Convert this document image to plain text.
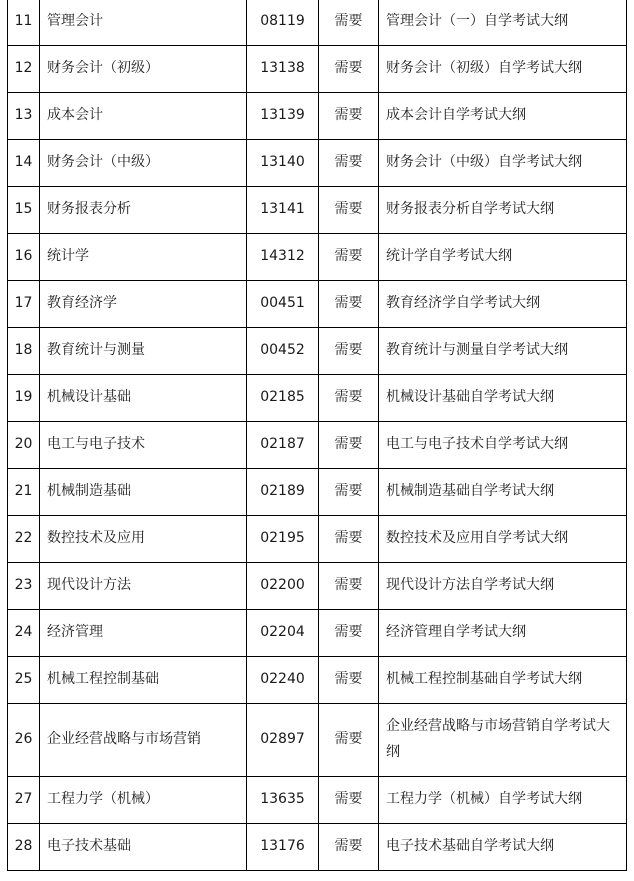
11	管理会计	08119	需要	管理会计（一）自学考试大纲
12	财务会计（初级）	13138	需要	财务会计（初级）自学考试大纲
13	成本会计	13139	需要	成本会计自学考试大纲
14	财务会计（中级）	13140	需要	财务会计（中级）自学考试大纲
15	财务报表分析	13141	需要	财务报表分析自学考试大纲
16	统计学	14312	需要	统计学自学考试大纲
17	教育经济学	00451	需要	教育经济学自学考试大纲
18	教育统计与测量	00452	需要	教育统计与测量自学考试大纲
19	机械设计基础	02185	需要	机械设计基础自学考试大纲
20	电工与电子技术	02187	需要	电工与电子技术自学考试大纲
21	机械制造基础	02189	需要	机械制造基础自学考试大纲
22	数控技术及应用	02195	需要	数控技术及应用自学考试大纲
23	现代设计方法	02200	需要	现代设计方法自学考试大纲
24	经济管理	02204	需要	经济管理自学考试大纲
25	机械工程控制基础	02240	需要	机械工程控制基础自学考试大纲
26	企业经营战略与市场营销	02897	需要	企业经营战略与市场营销自学考试大纲
27	工程力学（机械）	13635	需要	工程力学（机械）自学考试大纲
28	电子技术基础	13176	需要	电子技术基础自学考试大纲
